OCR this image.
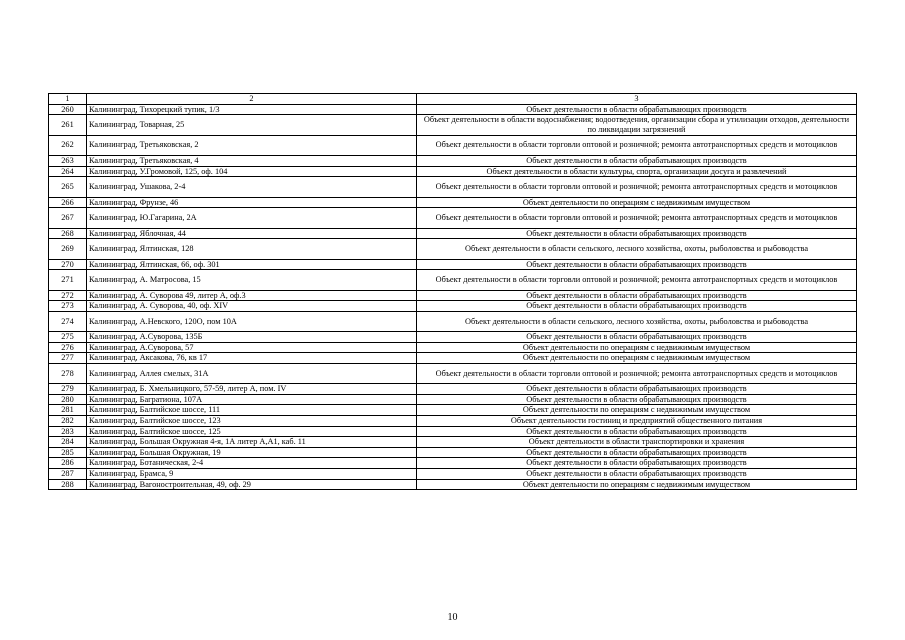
1	2	3
260	Калининград, Тихорецкий тупик, 1/3	Объект деятельности в области обрабатывающих производств
261	Калининград, Товарная, 25	Объект деятельности в области водоснабжения; водоотведения, организации сбора и утилизации отходов, деятельности по ликвидации загрязнений
262	Калининград, Третьяковская, 2	Объект деятельности в области торговли оптовой и розничной; ремонта автотранспортных средств и мотоциклов
263	Калининград, Третьяковская, 4	Объект деятельности в области обрабатывающих производств
264	Калининград, У.Громовой, 125, оф. 104	Объект деятельности в области культуры, спорта, организации досуга и развлечений
265	Калининград, Ушакова, 2-4	Объект деятельности в области торговли оптовой и розничной; ремонта автотранспортных средств и мотоциклов
266	Калининград, Фрунзе, 46	Объект деятельности по операциям с недвижимым имуществом
267	Калининград, Ю.Гагарина, 2А	Объект деятельности в области торговли оптовой и розничной; ремонта автотранспортных средств и мотоциклов
268	Калининград, Яблочная, 44	Объект деятельности в области обрабатывающих производств
269	Калининград, Ялтинская, 128	Объект деятельности в области сельского, лесного хозяйства, охоты, рыболовства и рыбоводства
270	Калининград, Ялтинская, 66, оф. 301	Объект деятельности в области обрабатывающих производств
271	Калининград, А. Матросова, 15	Объект деятельности в области торговли оптовой и розничной; ремонта автотранспортных средств и мотоциклов
272	Калининград, А. Суворова 49, литер А, оф.3	Объект деятельности в области обрабатывающих производств
273	Калининград, А. Суворова, 40, оф. XIV	Объект деятельности в области обрабатывающих производств
274	Калининград, А.Невского, 120О, пом 10А	Объект деятельности в области сельского, лесного хозяйства, охоты, рыболовства и рыбоводства
275	Калининград, А.Суворова, 135Б	Объект деятельности в области обрабатывающих производств
276	Калининград, А.Суворова, 57	Объект деятельности по операциям с недвижимым имуществом
277	Калининград, Аксакова, 76, кв 17	Объект деятельности по операциям с недвижимым имуществом
278	Калининград, Аллея смелых, 31А	Объект деятельности в области торговли оптовой и розничной; ремонта автотранспортных средств и мотоциклов
279	Калининград, Б. Хмельницкого, 57-59, литер А, пом. IV	Объект деятельности в области обрабатывающих производств
280	Калининград, Багратиона, 107А	Объект деятельности в области обрабатывающих производств
281	Калининград, Балтийское шоссе, 111	Объект деятельности по операциям с недвижимым имуществом
282	Калининград, Балтийское шоссе, 123	Объект деятельности гостиниц и предприятий общественного питания
283	Калининград, Балтийское шоссе, 125	Объект деятельности в области обрабатывающих производств
284	Калининград, Большая Окружная 4-я, 1А литер А,А1, каб. 11	Объект деятельности в области транспортировки и хранения
285	Калининград, Большая Окружная, 19	Объект деятельности в области обрабатывающих производств
286	Калининград, Ботаническая, 2-4	Объект деятельности в области обрабатывающих производств
287	Калининград, Брамса, 9	Объект деятельности в области обрабатывающих производств
288	Калининград, Вагоностроительная, 49, оф. 29	Объект деятельности по операциям с недвижимым имуществом
10
